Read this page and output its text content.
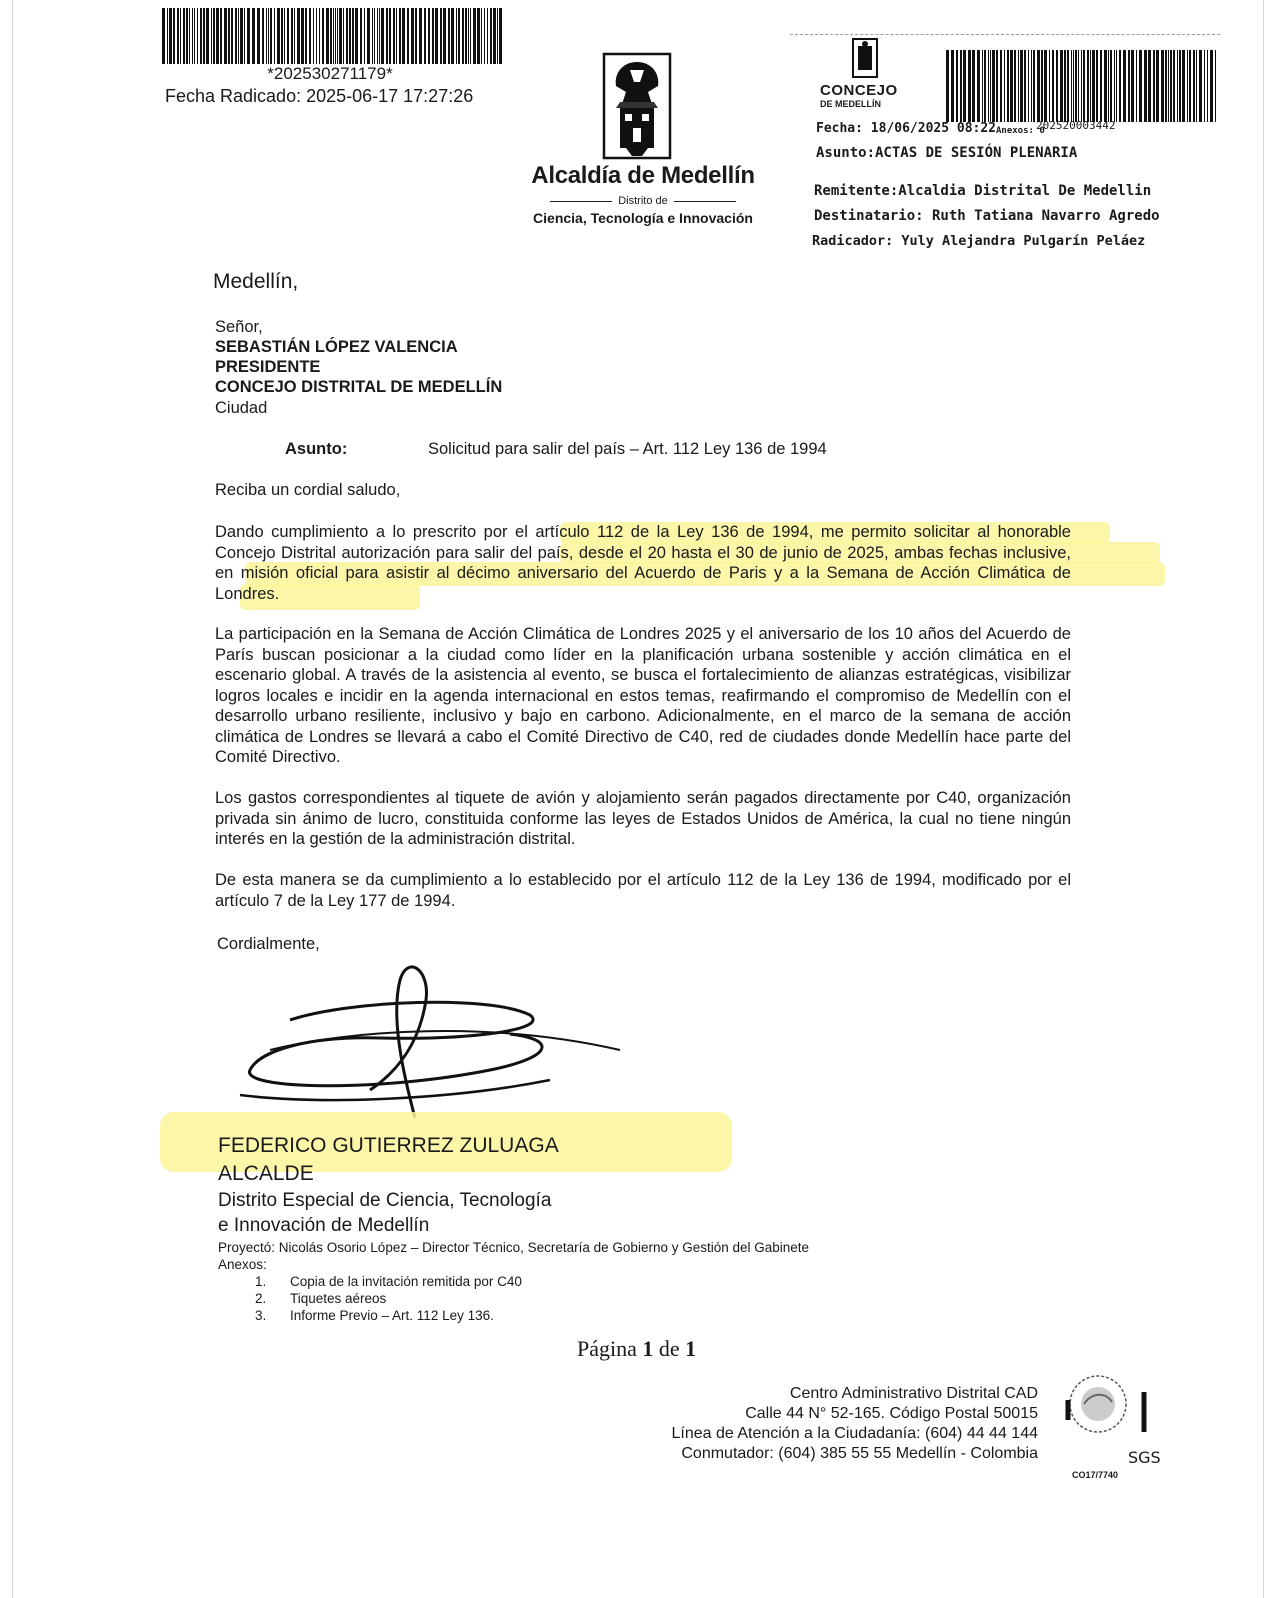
*202530271179*
Fecha Radicado: 2025-06-17 17:27:26
Alcaldía de Medellín
Distrito de
Ciencia, Tecnología e Innovación
CONCEJO
DE MEDELLÍN
Fecha: 18/06/2025 08:22 Anexos: 0
202520003442
Asunto:ACTAS DE SESIÓN PLENARIA
Remitente:Alcaldia Distrital De Medellin
Destinatario: Ruth Tatiana Navarro Agredo
Radicador: Yuly Alejandra Pulgarín Peláez
Medellín,
Señor,
SEBASTIÁN LÓPEZ VALENCIA
PRESIDENTE
CONCEJO DISTRITAL DE MEDELLÍN
Ciudad
Asunto:	Solicitud para salir del país – Art. 112 Ley 136 de 1994
Reciba un cordial saludo,
Dando cumplimiento a lo prescrito por el artículo 112 de la Ley 136 de 1994, me permito solicitar al honorable Concejo Distrital autorización para salir del país, desde el 20 hasta el 30 de junio de 2025, ambas fechas inclusive, en misión oficial para asistir al décimo aniversario del Acuerdo de Paris y a la Semana de Acción Climática de Londres.
La participación en la Semana de Acción Climática de Londres 2025 y el aniversario de los 10 años del Acuerdo de París buscan posicionar a la ciudad como líder en la planificación urbana sostenible y acción climática en el escenario global. A través de la asistencia al evento, se busca el fortalecimiento de alianzas estratégicas, visibilizar logros locales e incidir en la agenda internacional en estos temas, reafirmando el compromiso de Medellín con el desarrollo urbano resiliente, inclusivo y bajo en carbono. Adicionalmente, en el marco de la semana de acción climática de Londres se llevará a cabo el Comité Directivo de C40, red de ciudades donde Medellín hace parte del Comité Directivo.
Los gastos correspondientes al tiquete de avión y alojamiento serán pagados directamente por C40, organización privada sin ánimo de lucro, constituida conforme las leyes de Estados Unidos de América, la cual no tiene ningún interés en la gestión de la administración distrital.
De esta manera se da cumplimiento a lo establecido por el artículo 112 de la Ley 136 de 1994, modificado por el artículo 7 de la Ley 177 de 1994.
Cordialmente,
FEDERICO GUTIERREZ ZULUAGA
ALCALDE
Distrito Especial de Ciencia, Tecnología
e Innovación de Medellín
Proyectó: Nicolás Osorio López – Director Técnico, Secretaría de Gobierno y Gestión del Gabinete
Anexos:
1. Copia de la invitación remitida por C40
2. Tiquetes aéreos
3. Informe Previo – Art. 112 Ley 136.
Página 1 de 1
Centro Administrativo Distrital CAD
Calle 44 N° 52-165. Código Postal 50015
Línea de Atención a la Ciudadanía: (604) 44 44 144
Conmutador: (604) 385 55 55 Medellín - Colombia	SGS
CO17/7740
